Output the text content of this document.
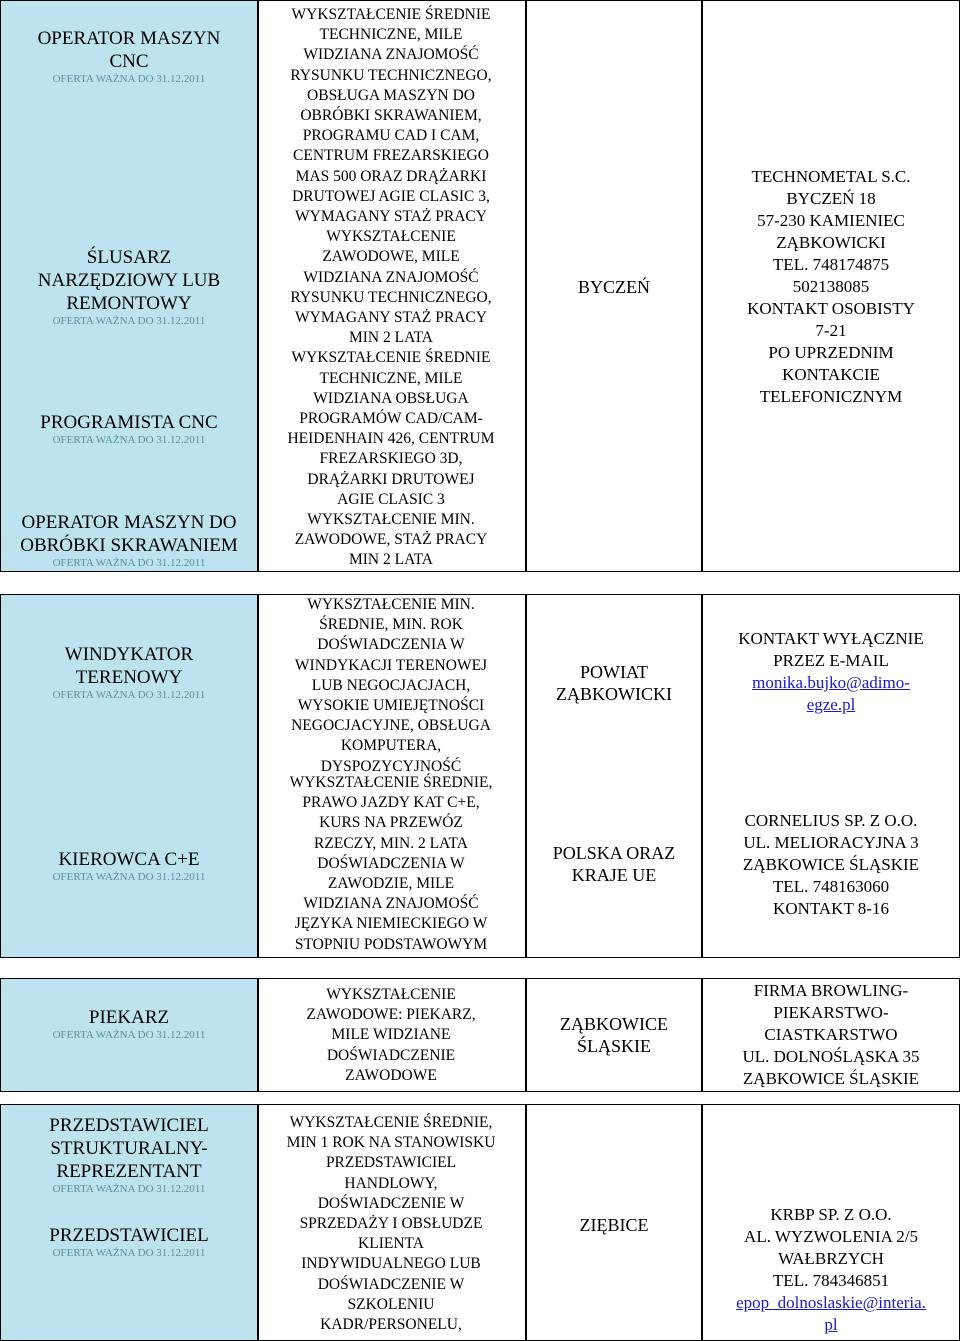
OPERATOR MASZYN
CNC
OFERTA WAŻNA DO 31.12.2011
ŚLUSARZ
NARZĘDZIOWY LUB
REMONTOWY
OFERTA WAŻNA DO 31.12.2011
PROGRAMISTA CNC
OFERTA WAŻNA DO 31.12.2011
OPERATOR MASZYN DO
OBRÓBKI SKRAWANIEM
OFERTA WAŻNA DO 31.12.2011
WINDYKATOR
TERENOWY
OFERTA WAŻNA DO 31.12.2011
KIEROWCA C+E
OFERTA WAŻNA DO 31.12.2011
PIEKARZ
OFERTA WAŻNA DO 31.12.2011
PRZEDSTAWICIEL
STRUKTURALNY-
REPREZENTANT
OFERTA WAŻNA DO 31.12.2011
PRZEDSTAWICIEL
OFERTA WAŻNA DO 31.12.2011
WYKSZTAŁCENIE ŚREDNIE
TECHNICZNE, MILE
WIDZIANA ZNAJOMOŚĆ
RYSUNKU TECHNICZNEGO,
OBSŁUGA MASZYN DO
OBRÓBKI SKRAWANIEM,
PROGRAMU CAD I CAM,
CENTRUM FREZARSKIEGO
MAS 500 ORAZ DRĄŻARKI
DRUTOWEJ AGIE CLASIC 3,
WYMAGANY STAŻ PRACY
WYKSZTAŁCENIE
ZAWODOWE, MILE
WIDZIANA ZNAJOMOŚĆ
RYSUNKU TECHNICZNEGO,
WYMAGANY STAŻ PRACY
MIN 2 LATA
WYKSZTAŁCENIE ŚREDNIE
TECHNICZNE, MILE
WIDZIANA OBSŁUGA
PROGRAMÓW CAD/CAM-
HEIDENHAIN 426, CENTRUM
FREZARSKIEGO 3D,
DRĄŻARKI DRUTOWEJ
AGIE CLASIC 3
WYKSZTAŁCENIE MIN.
ZAWODOWE, STAŻ PRACY
MIN 2 LATA
WYKSZTAŁCENIE MIN.
ŚREDNIE, MIN. ROK
DOŚWIADCZENIA W
WINDYKACJI TERENOWEJ
LUB NEGOCJACJACH,
WYSOKIE UMIEJĘTNOŚCI
NEGOCJACYJNE, OBSŁUGA
KOMPUTERA,
DYSPOZYCYJNOŚĆ
WYKSZTAŁCENIE ŚREDNIE,
PRAWO JAZDY KAT C+E,
KURS NA PRZEWÓZ
RZECZY, MIN. 2 LATA
DOŚWIADCZENIA W
ZAWODZIE, MILE
WIDZIANA ZNAJOMOŚĆ
JĘZYKA NIEMIECKIEGO W
STOPNIU PODSTAWOWYM
WYKSZTAŁCENIE
ZAWODOWE: PIEKARZ,
MILE WIDZIANE
DOŚWIADCZENIE
ZAWODOWE
WYKSZTAŁCENIE ŚREDNIE,
MIN 1 ROK NA STANOWISKU
PRZEDSTAWICIEL
HANDLOWY,
DOŚWIADCZENIE W
SPRZEDAŻY I OBSŁUDZE
KLIENTA
INDYWIDUALNEGO LUB
DOŚWIADCZENIE W
SZKOLENIU
KADR/PERSONELU,
BYCZEŃ
POWIAT
ZĄBKOWICKI
POLSKA ORAZ
KRAJE UE
ZĄBKOWICE
ŚLĄSKIE
ZIĘBICE
TECHNOMETAL S.C.
BYCZEŃ 18
57-230 KAMIENIEC
ZĄBKOWICKI
TEL. 748174875
502138085
KONTAKT OSOBISTY
7-21
PO UPRZEDNIM
KONTAKCIE
TELEFONICZNYM
KONTAKT WYŁĄCZNIE
PRZEZ E-MAIL
monika.bujko@adimo-
egze.pl
CORNELIUS SP. Z O.O.
UL. MELIORACYJNA 3
ZĄBKOWICE ŚLĄSKIE
TEL. 748163060
KONTAKT 8-16
FIRMA BROWLING-
PIEKARSTWO-
CIASTKARSTWO
UL. DOLNOŚLĄSKA 35
ZĄBKOWICE ŚLĄSKIE
KRBP SP. Z O.O.
AL. WYZWOLENIA 2/5
WAŁBRZYCH
TEL. 784346851
epop_dolnoslaskie@interia.
pl
